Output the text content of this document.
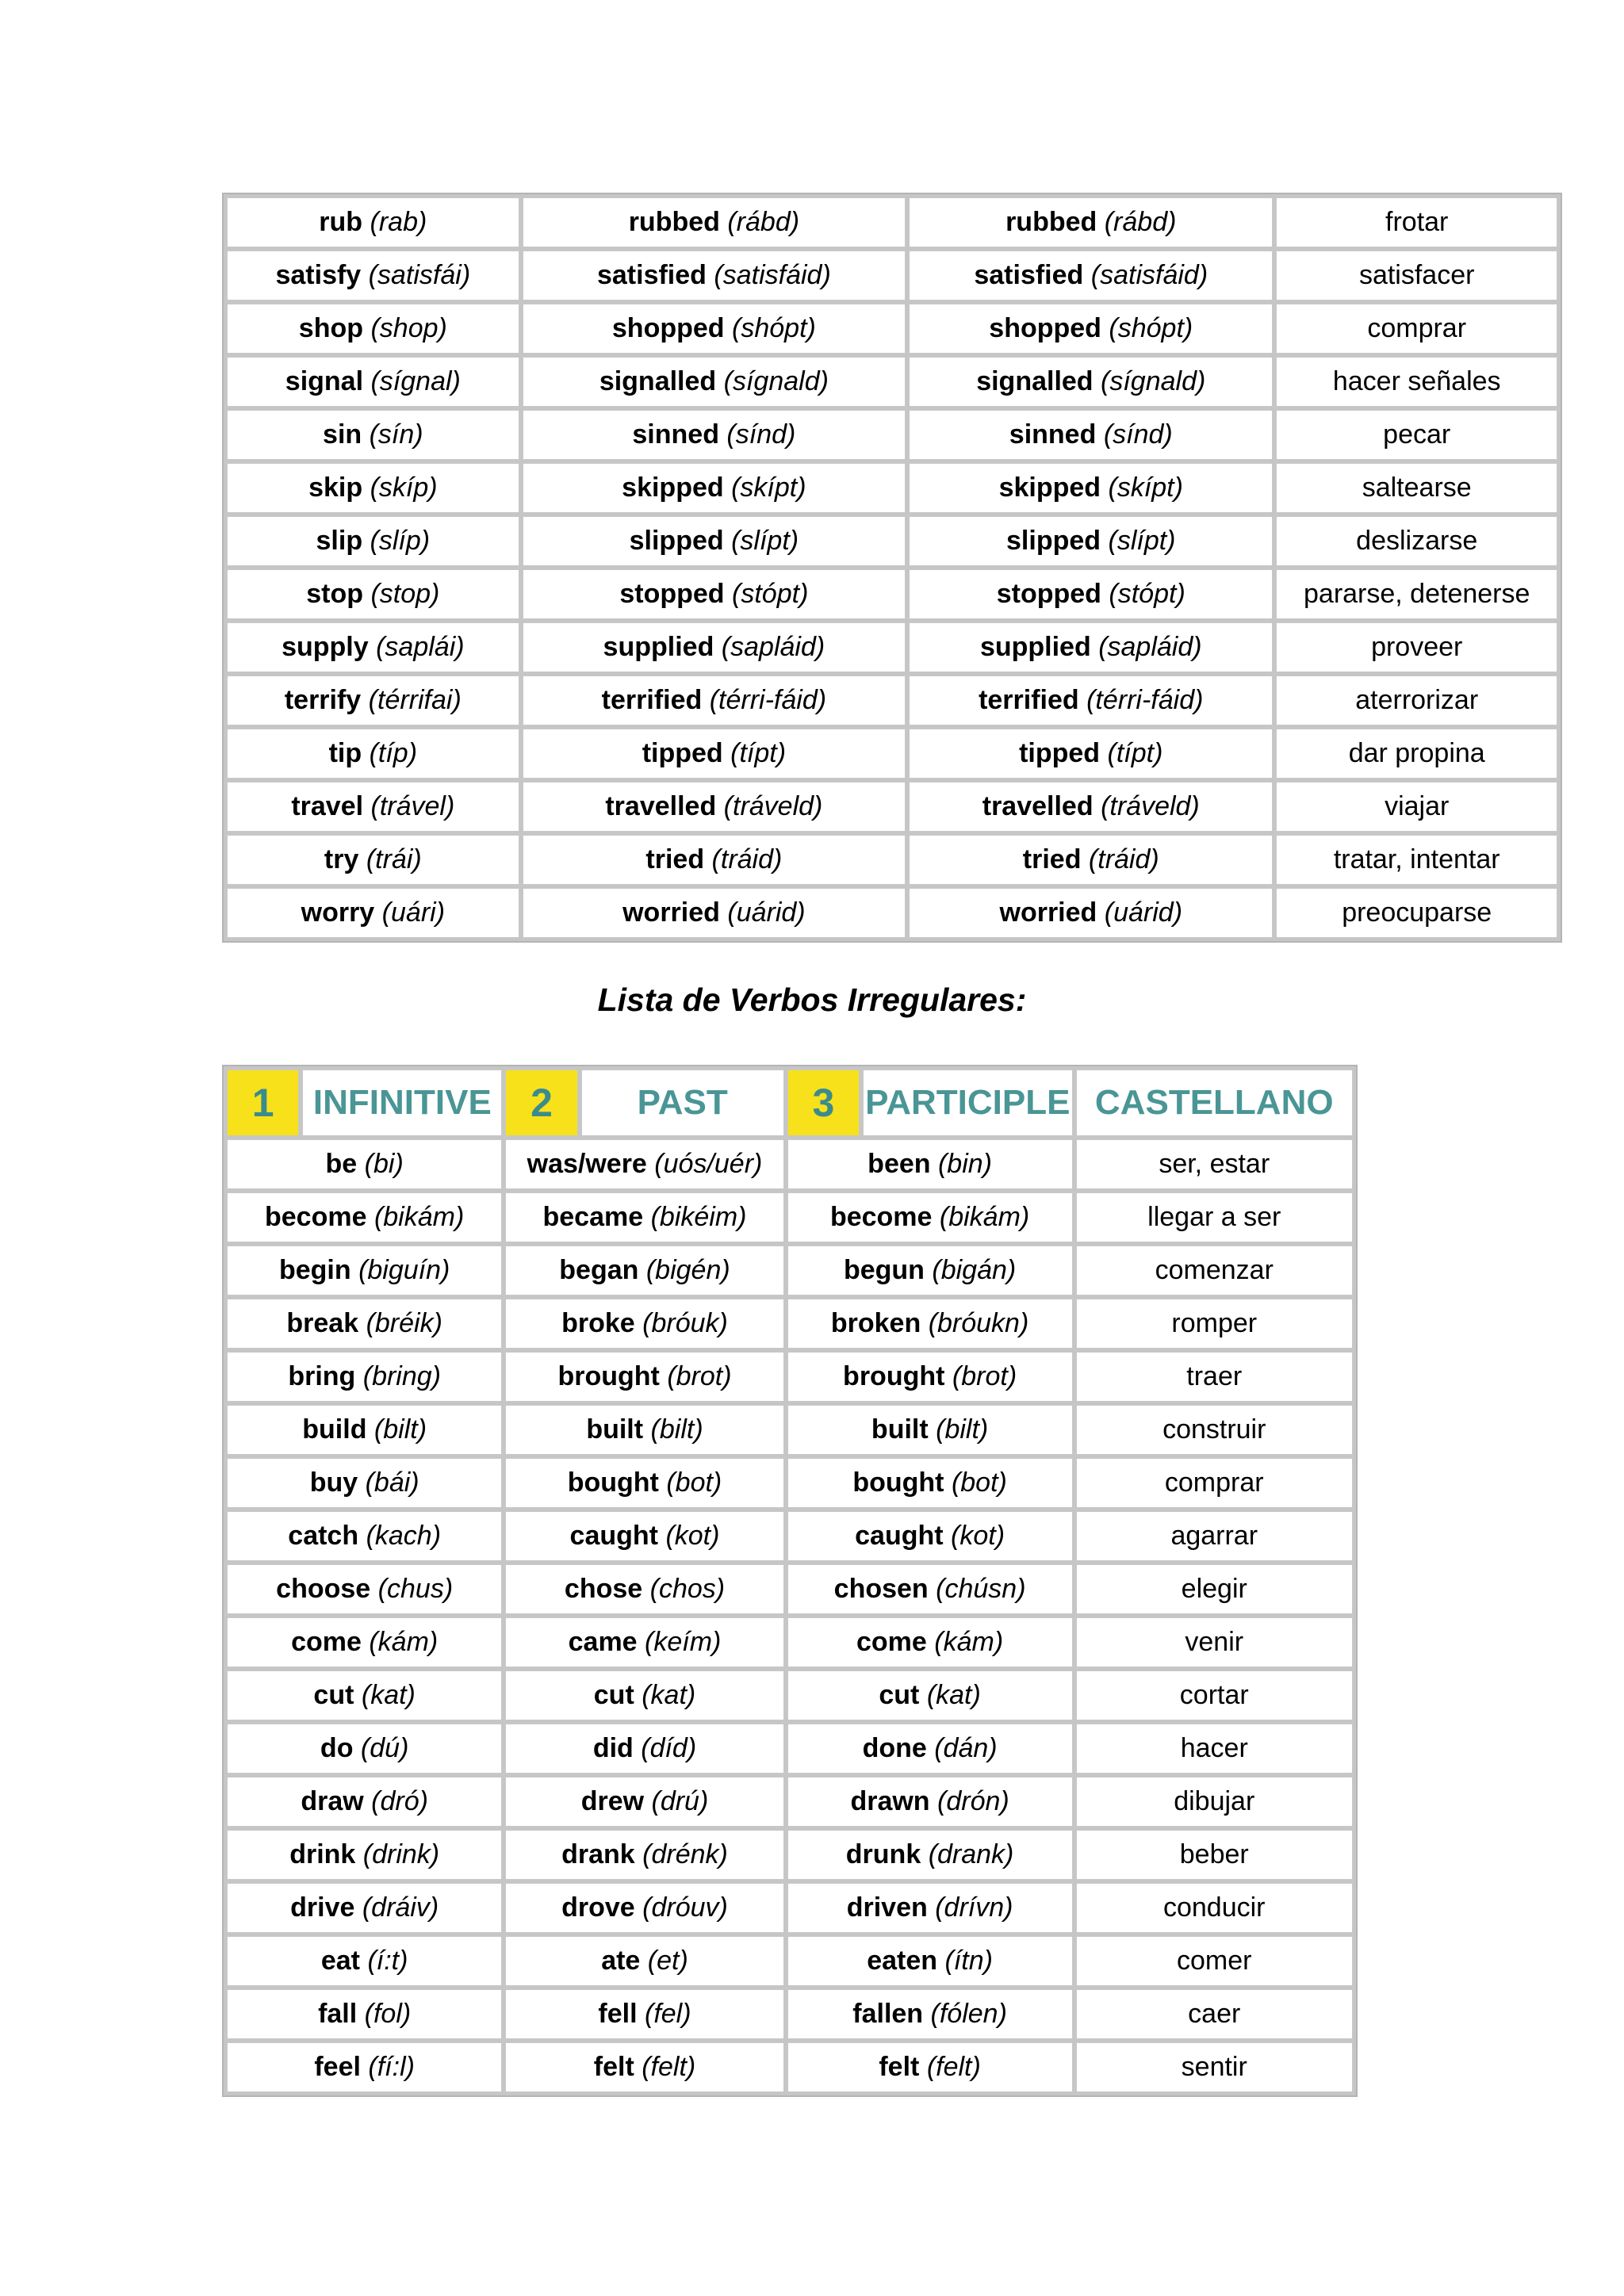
rub (rab)	rubbed (rábd)	rubbed (rábd)	frotar
satisfy (satisfái)	satisfied (satisfáid)	satisfied (satisfáid)	satisfacer
shop (shop)	shopped (shópt)	shopped (shópt)	comprar
signal (sígnal)	signalled (sígnald)	signalled (sígnald)	hacer señales
sin (sín)	sinned (sínd)	sinned (sínd)	pecar
skip (skíp)	skipped (skípt)	skipped (skípt)	saltearse
slip (slíp)	slipped (slípt)	slipped (slípt)	deslizarse
stop (stop)	stopped (stópt)	stopped (stópt)	pararse, detenerse
supply (saplái)	supplied (sapláid)	supplied (sapláid)	proveer
terrify (térrifai)	terrified (térri-fáid)	terrified (térri-fáid)	aterrorizar
tip (típ)	tipped (típt)	tipped (típt)	dar propina
travel (trável)	travelled (tráveld)	travelled (tráveld)	viajar
try (trái)	tried (tráid)	tried (tráid)	tratar, intentar
worry (uári)	worried (uárid)	worried (uárid)	preocuparse
Lista de Verbos Irregulares:
1	INFINITIVE	2	PAST	3	PARTICIPLE	CASTELLANO
be (bi)		was/were (uós/uér)		been (bin)		ser, estar
become (bikám)		became (bikéim)		become (bikám)		llegar a ser
begin (biguín)		began (bigén)		begun (bigán)		comenzar
break (bréik)		broke (bróuk)		broken (bróukn)		romper
bring (bring)		brought (brot)		brought (brot)		traer
build (bilt)		built (bilt)		built (bilt)		construir
buy (bái)		bought (bot)		bought (bot)		comprar
catch (kach)		caught (kot)		caught (kot)		agarrar
choose (chus)		chose (chos)		chosen (chúsn)		elegir
come (kám)		came (keím)		come (kám)		venir
cut (kat)		cut (kat)		cut (kat)		cortar
do (dú)		did (díd)		done (dán)		hacer
draw (dró)		drew (drú)		drawn (drón)		dibujar
drink (drink)		drank (drénk)		drunk (drank)		beber
drive (dráiv)		drove (dróuv)		driven (drívn)		conducir
eat (í:t)		ate (et)		eaten (ítn)		comer
fall (fol)		fell (fel)		fallen (fólen)		caer
feel (fí:l)		felt (felt)		felt (felt)		sentir
